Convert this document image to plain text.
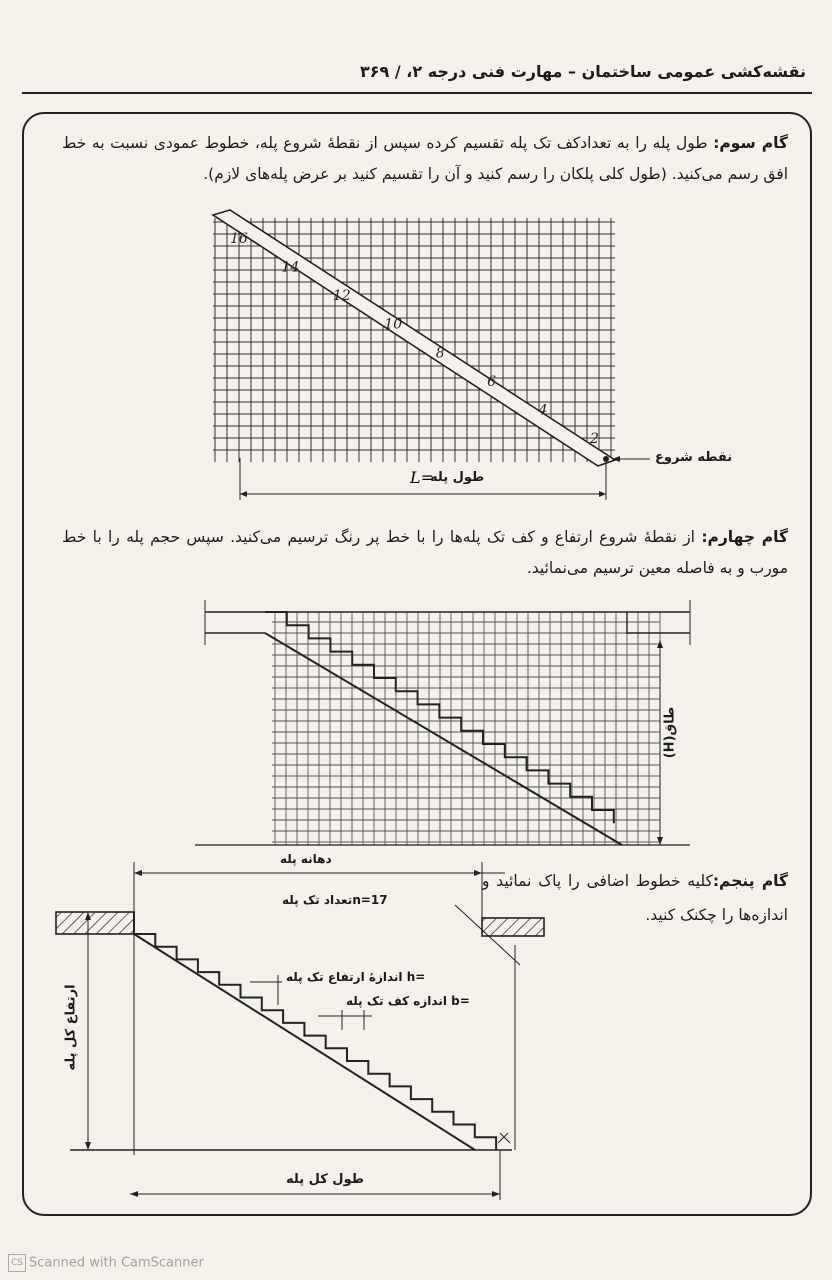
نقشه‌کشی عمومی ساختمان – مهارت فنی درجه ۲، / ۳۶۹
گام سوم: طول پله را به تعدادکف تک پله تقسیم کرده سپس از نقطهٔ شروع پله، خطوط عمودی نسبت به خط افق رسم می‌کنید. (طول کلی پلکان را رسم کنید و آن را تقسیم کنید بر عرض پله‌های لازم).
16
14
12
10
8
6
4
2
L=
نقطه شروع
طول پله
گام چهارم: از نقطهٔ شروع ارتفاع و کف تک پله‌ها را با خط پر رنگ ترسیم می‌کنید. سپس حجم پله را با خط مورب و به فاصله معین ترسیم می‌نمائید.
طاق(H)
گام پنجم:کلیه خطوط اضافی را پاک نمائید و اندازه‌ها را چکنک کنید.
دهانه پله
n=17تعداد تک پله
=h اندازهٔ ارتفاع تک پله
=b اندازه کف تک پله
ارتفاع کل پله
طول کل پله
CS Scanned with CamScanner
